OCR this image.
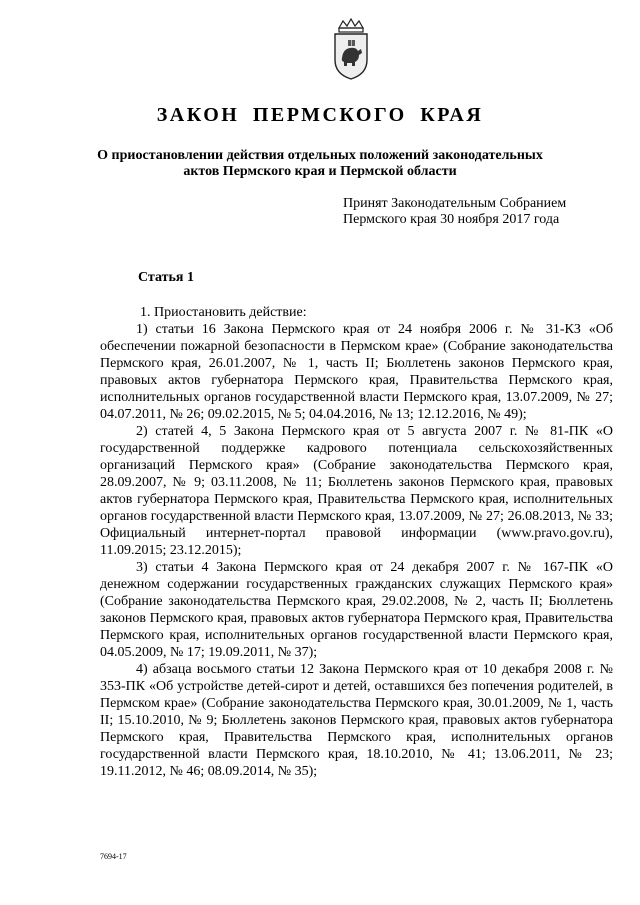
ЗАКОН ПЕРМСКОГО КРАЯ
О приостановлении действия отдельных положений законодательных
актов Пермского края и Пермской области
Принят Законодательным Собранием
Пермского края 30 ноября 2017 года
Статья 1

1. Приостановить действие:

1) статьи 16 Закона Пермского края от 24 ноября 2006 г. № 31-КЗ «Об обеспечении пожарной безопасности в Пермском крае» (Собрание законодательства Пермского края, 26.01.2007, № 1, часть II; Бюллетень законов Пермского края, правовых актов губернатора Пермского края, Правительства Пермского края, исполнительных органов государственной власти Пермского края, 13.07.2009, № 27; 04.07.2011, № 26; 09.02.2015, № 5; 04.04.2016, № 13; 12.12.2016, № 49);

2) статей 4, 5 Закона Пермского края от 5 августа 2007 г. № 81-ПК «О государственной поддержке кадрового потенциала сельскохозяйственных организаций Пермского края» (Собрание законодательства Пермского края, 28.09.2007, № 9; 03.11.2008, № 11; Бюллетень законов Пермского края, правовых актов губернатора Пермского края, Правительства Пермского края, исполнительных органов государственной власти Пермского края, 13.07.2009, № 27; 26.08.2013, № 33; Официальный интернет-портал правовой информации (www.pravo.gov.ru), 11.09.2015; 23.12.2015);

3) статьи 4 Закона Пермского края от 24 декабря 2007 г. № 167-ПК «О денежном содержании государственных гражданских служащих Пермского края» (Собрание законодательства Пермского края, 29.02.2008, № 2, часть II; Бюллетень законов Пермского края, правовых актов губернатора Пермского края, Правительства Пермского края, исполнительных органов государственной власти Пермского края, 04.05.2009, № 17; 19.09.2011, № 37);

4) абзаца восьмого статьи 12 Закона Пермского края от 10 декабря 2008 г. № 353-ПК «Об устройстве детей-сирот и детей, оставшихся без попечения родителей, в Пермском крае» (Собрание законодательства Пермского края, 30.01.2009, № 1, часть II; 15.10.2010, № 9; Бюллетень законов Пермского края, правовых актов губернатора Пермского края, Правительства Пермского края, исполнительных органов государственной власти Пермского края, 18.10.2010, № 41; 13.06.2011, № 23; 19.11.2012, № 46; 08.09.2014, № 35);

7694-17
